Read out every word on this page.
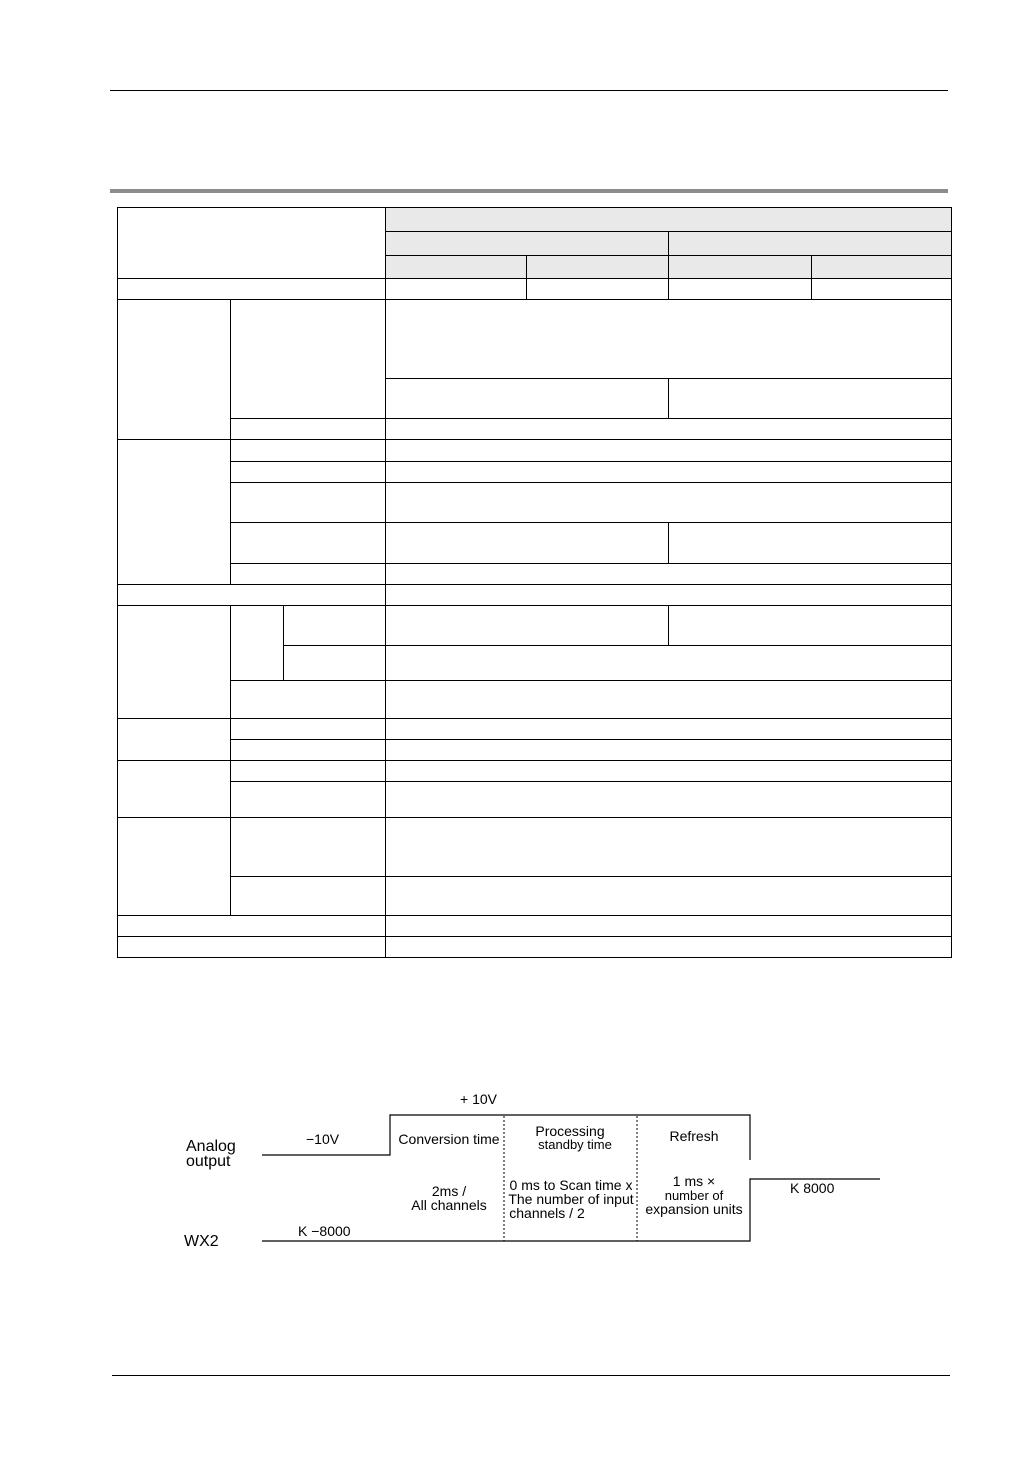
+ 10V
−10V
Analog
output
WX2
K −8000
K 8000
Conversion time
2ms /
All channels
Processing
standby time
0 ms to Scan time x
The number of input
channels / 2
Refresh
1 ms ×
number of
expansion units
